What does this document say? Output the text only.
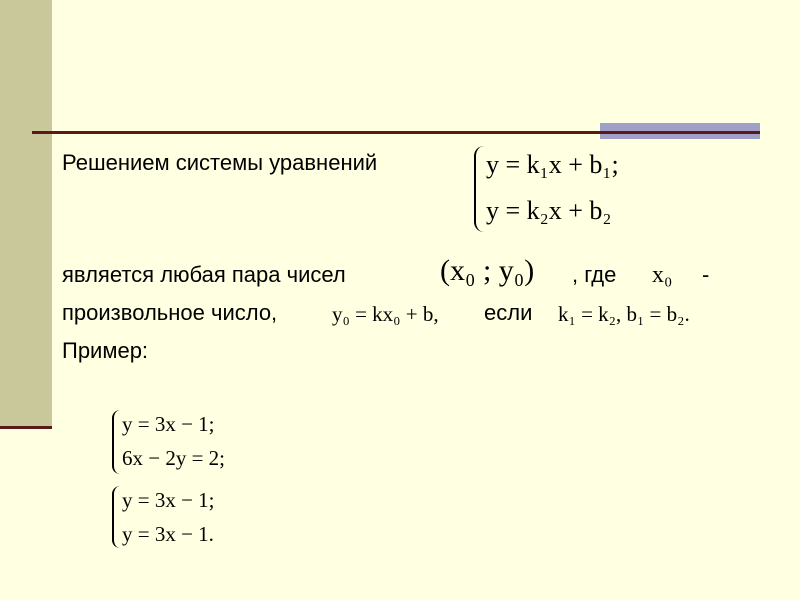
Решением системы уравнений	y = k₁x + b₁;
y = k₂x + b₂
является любая пара чисел	(x₀ ; y₀) , где x₀ -
произвольное число,	y₀ = kx₀ + b, если k₁ = k₂, b₁ = b₂.
Пример:
y = 3x − 1;
6x − 2y = 2;
y = 3x − 1;
y = 3x − 1.
